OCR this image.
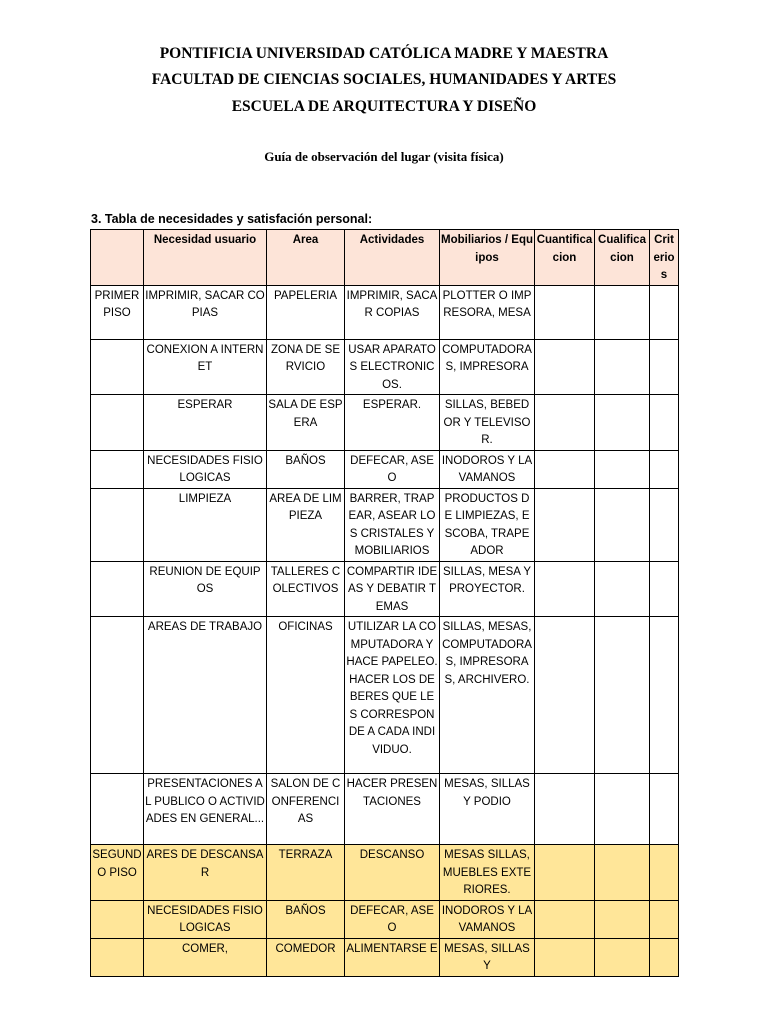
PONTIFICIA UNIVERSIDAD CATÓLICA MADRE Y MAESTRA
FACULTAD DE CIENCIAS SOCIALES, HUMANIDADES Y ARTES
ESCUELA DE ARQUITECTURA Y DISEÑO
Guía de observación del lugar (visita física)
3. Tabla de necesidades y satisfación personal:
	Necesidad usuario	Area	Actividades	Mobiliarios / Equipos	Cuantificacion	Cualificacion	Criterios
PRIMER PISO	IMPRIMIR, SACAR COPIAS	PAPELERIA	IMPRIMIR, SACAR COPIAS	PLOTTER O IMPRESORA, MESA			
	CONEXION A INTERNET	ZONA DE SERVICIO	USAR APARATOS ELECTRONICOS.	COMPUTADORAS, IMPRESORA			
	ESPERAR	SALA DE ESPERA	ESPERAR.	SILLAS, BEBEDOR Y TELEVISOR.			
	NECESIDADES FISIOLOGICAS	BAÑOS	DEFECAR, ASEO	INODOROS Y LAVAMANOS			
	LIMPIEZA	AREA DE LIMPIEZA	BARRER, TRAPEAR, ASEAR LOS CRISTALES Y MOBILIARIOS	PRODUCTOS DE LIMPIEZAS, ESCOBA, TRAPEADOR			
	REUNION DE EQUIPOS	TALLERES COLECTIVOS	COMPARTIR IDEAS Y DEBATIR TEMAS	SILLAS, MESA Y PROYECTOR.			
	AREAS DE TRABAJO	OFICINAS	UTILIZAR LA COMPUTADORA Y HACE PAPELEO. HACER LOS DEBERES QUE LES CORRESPONDE A CADA INDIVIDUO.	SILLAS, MESAS, COMPUTADORAS, IMPRESORAS, ARCHIVERO.			
	PRESENTACIONES AL PUBLICO O ACTIVIDADES EN GENERAL...	SALON DE CONFERENCIAS	HACER PRESENTACIONES	MESAS, SILLAS Y PODIO			
SEGUNDO PISO	ARES DE DESCANSAR	TERRAZA	DESCANSO	MESAS SILLAS, MUEBLES EXTERIORES.			
	NECESIDADES FISIOLOGICAS	BAÑOS	DEFECAR, ASEO	INODOROS Y LAVAMANOS			
	COMER,	COMEDOR	ALIMENTARSE E	MESAS, SILLAS Y			
